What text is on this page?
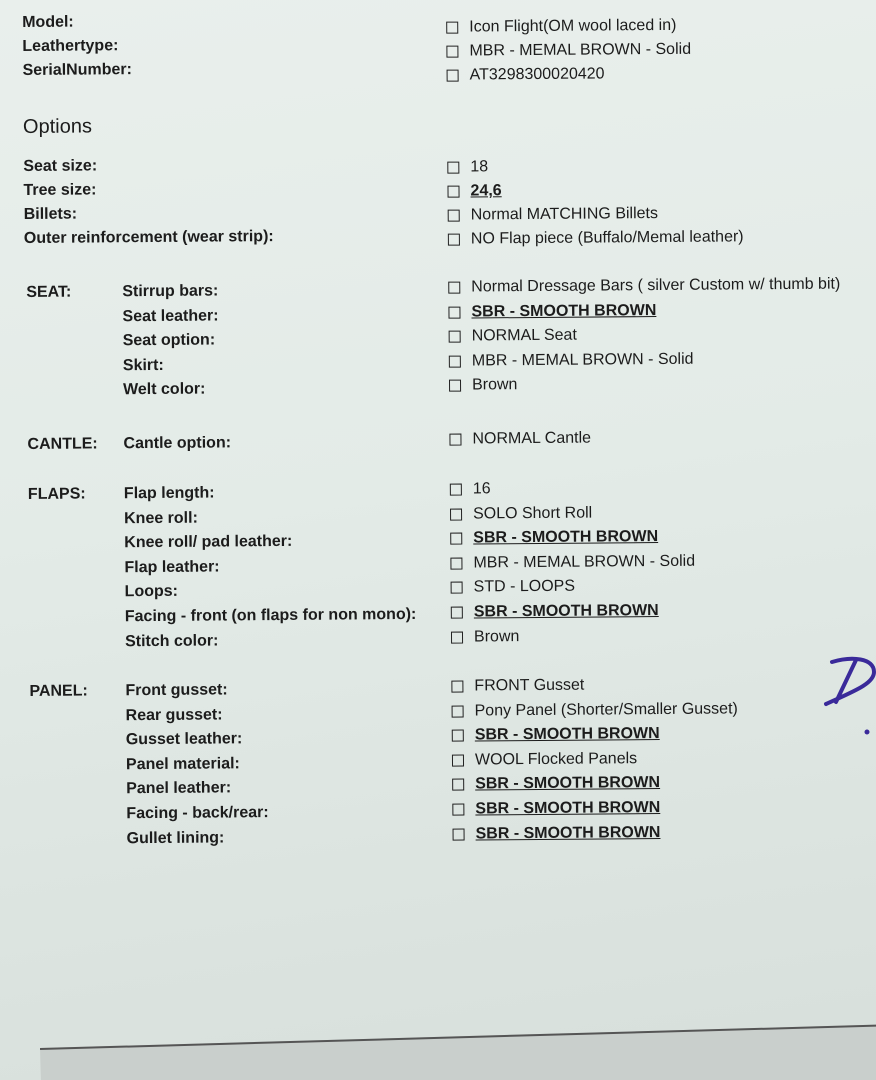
Options
Model:	Icon Flight(OM wool laced in)
Leathertype:	MBR - MEMAL BROWN - Solid
SerialNumber:	AT3298300020420
Seat size:	18
Tree size:	24,6
Billets:	Normal MATCHING Billets
Outer reinforcement (wear strip):	NO Flap piece (Buffalo/Memal leather)
SEAT:	Stirrup bars:	Normal Dressage Bars ( silver Custom w/ thumb bit)
Seat leather:	SBR - SMOOTH BROWN
Seat option:	NORMAL Seat
Skirt:	MBR - MEMAL BROWN - Solid
Welt color:	Brown
CANTLE: Cantle option:	NORMAL Cantle
FLAPS: Flap length:	16
Knee roll:	SOLO Short Roll
Knee roll/ pad leather:	SBR - SMOOTH BROWN
Flap leather:	MBR - MEMAL BROWN - Solid
Loops:	STD - LOOPS
Facing - front (on flaps for non mono):	SBR - SMOOTH BROWN
Stitch color:	Brown
PANEL: Front gusset:	FRONT Gusset
Rear gusset:	Pony Panel (Shorter/Smaller Gusset)
Gusset leather:	SBR - SMOOTH BROWN
Panel material:	WOOL Flocked Panels
Panel leather:	SBR - SMOOTH BROWN
Facing - back/rear:	SBR - SMOOTH BROWN
Gullet lining:	SBR - SMOOTH BROWN
